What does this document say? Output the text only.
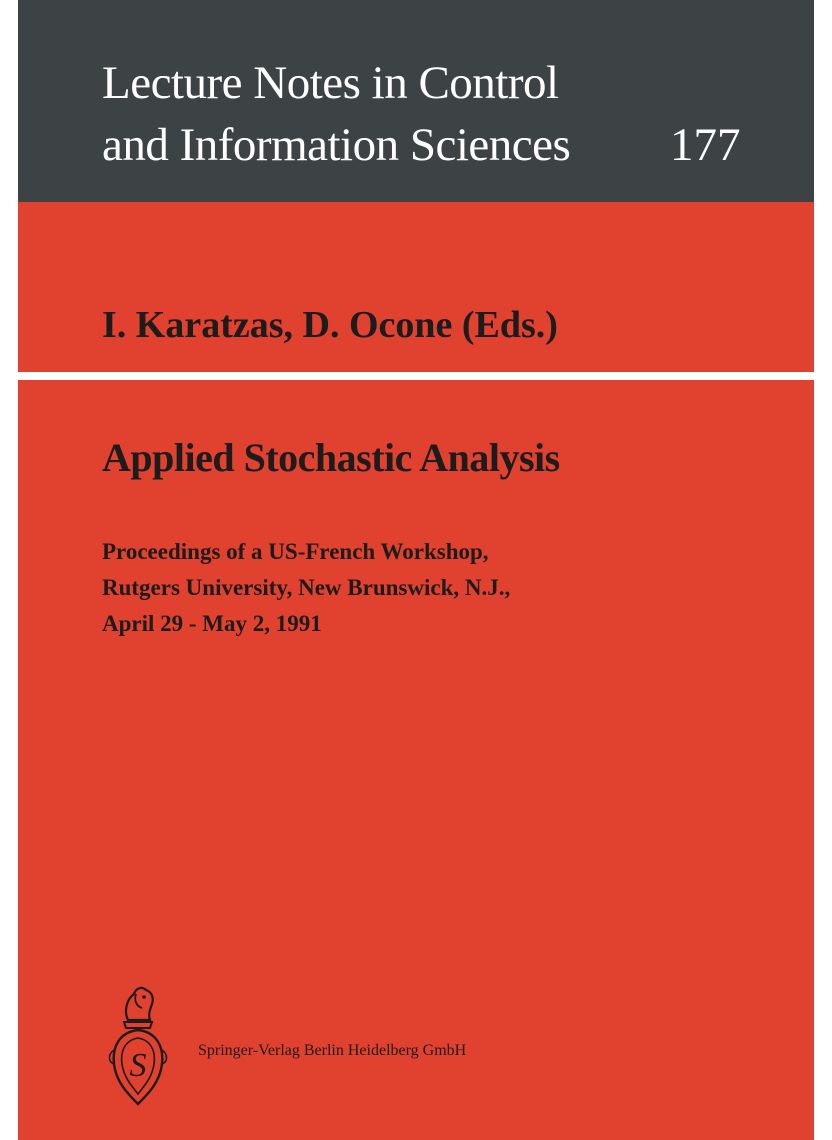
Lecture Notes in Control
and Information Sciences 177
I. Karatzas, D. Ocone (Eds.)
Applied Stochastic Analysis
Proceedings of a US-French Workshop,
Rutgers University, New Brunswick, N.J.,
April 29 - May 2, 1991
S	Springer-Verlag Berlin Heidelberg GmbH
